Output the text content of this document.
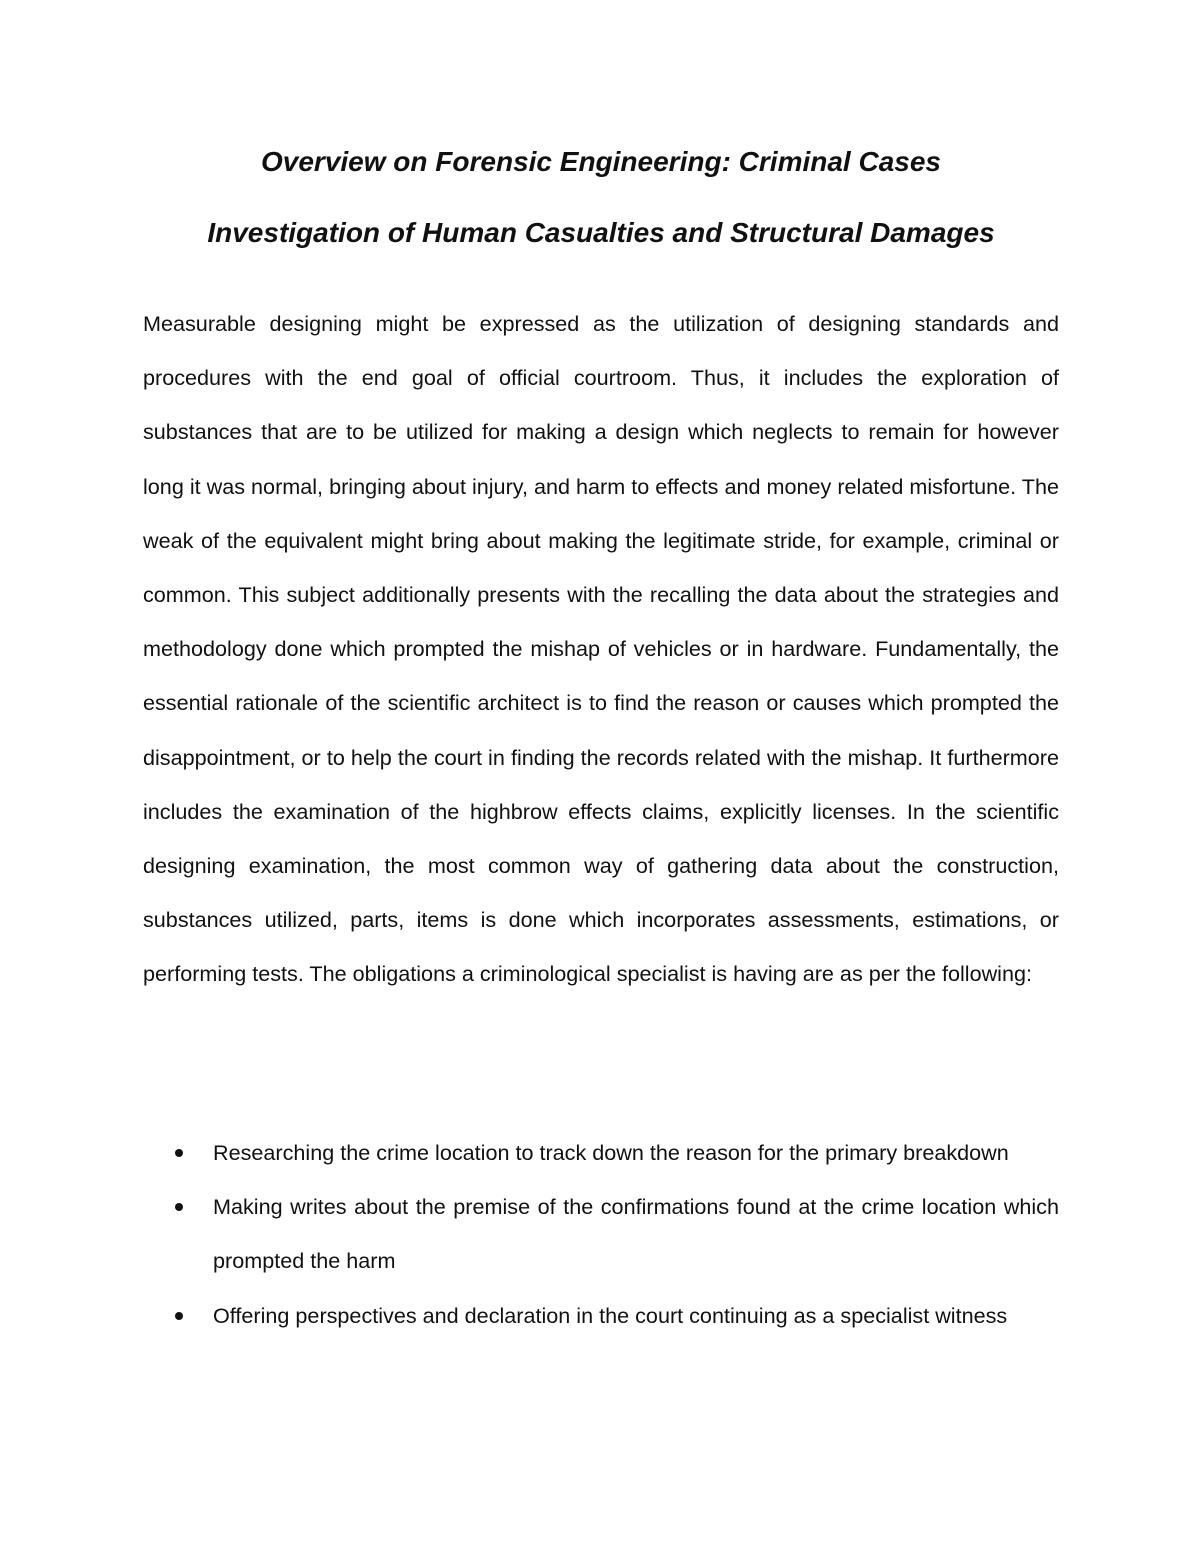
Overview on Forensic Engineering: Criminal Cases
Investigation of Human Casualties and Structural Damages
Measurable designing might be expressed as the utilization of designing standards and procedures with the end goal of official courtroom. Thus, it includes the exploration of substances that are to be utilized for making a design which neglects to remain for however long it was normal, bringing about injury, and harm to effects and money related misfortune. The weak of the equivalent might bring about making the legitimate stride, for example, criminal or common. This subject additionally presents with the recalling the data about the strategies and methodology done which prompted the mishap of vehicles or in hardware. Fundamentally, the essential rationale of the scientific architect is to find the reason or causes which prompted the disappointment, or to help the court in finding the records related with the mishap. It furthermore includes the examination of the highbrow effects claims, explicitly licenses. In the scientific designing examination, the most common way of gathering data about the construction, substances utilized, parts, items is done which incorporates assessments, estimations, or performing tests. The obligations a criminological specialist is having are as per the following:
Researching the crime location to track down the reason for the primary breakdown
Making writes about the premise of the confirmations found at the crime location which prompted the harm
Offering perspectives and declaration in the court continuing as a specialist witness
